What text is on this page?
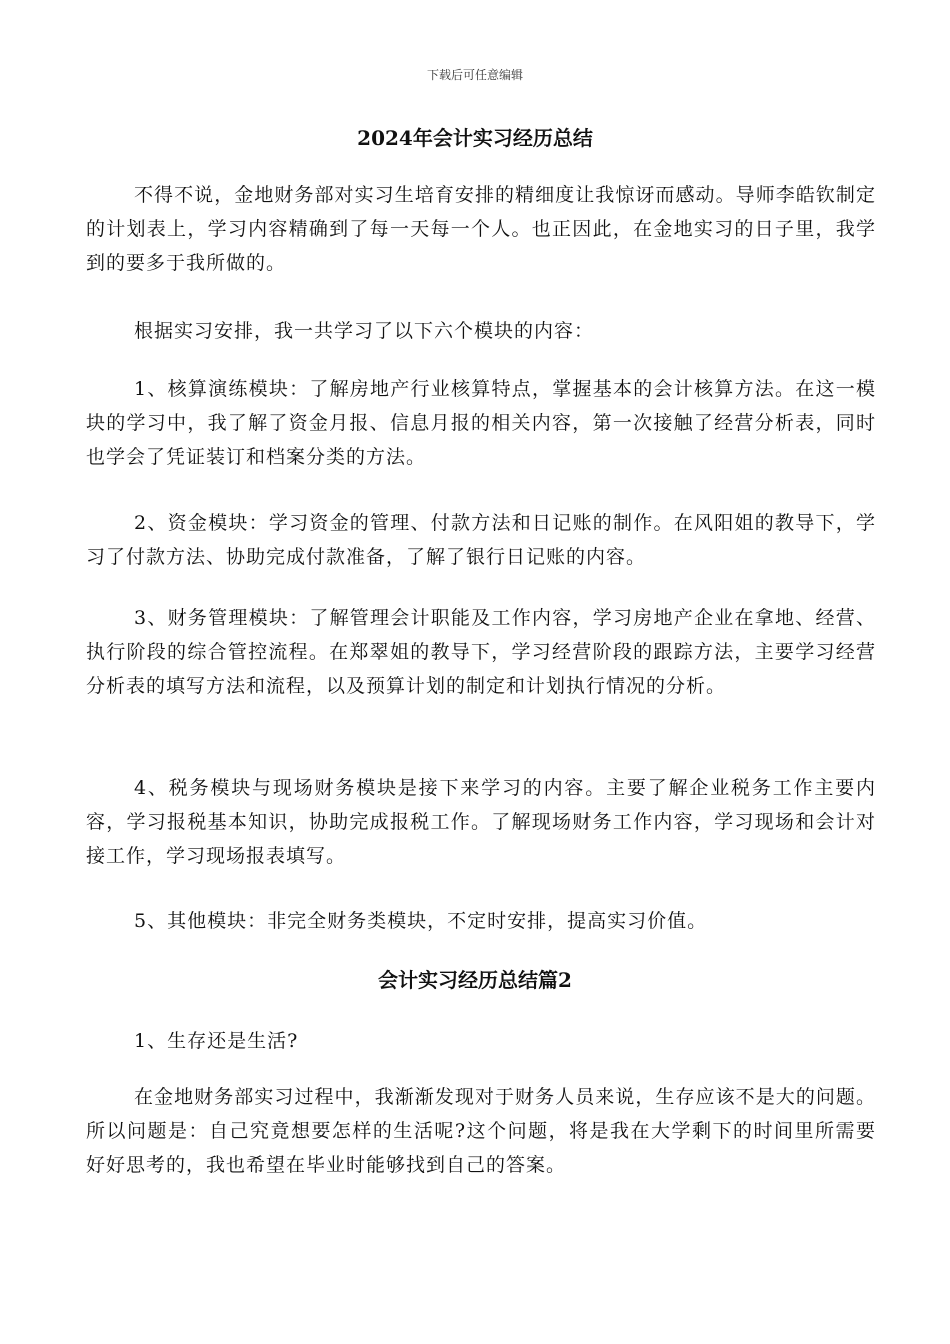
下载后可任意编辑
2024年会计实习经历总结

不得不说，金地财务部对实习生培育安排的精细度让我惊讶而感动。导师李皓钦制定的计划表上，学习内容精确到了每一天每一个人。也正因此，在金地实习的日子里，我学到的要多于我所做的。

根据实习安排，我一共学习了以下六个模块的内容：

1、核算演练模块：了解房地产行业核算特点，掌握基本的会计核算方法。在这一模块的学习中，我了解了资金月报、信息月报的相关内容，第一次接触了经营分析表，同时也学会了凭证装订和档案分类的方法。

2、资金模块：学习资金的管理、付款方法和日记账的制作。在风阳姐的教导下，学习了付款方法、协助完成付款准备，了解了银行日记账的内容。

3、财务管理模块：了解管理会计职能及工作内容，学习房地产企业在拿地、经营、执行阶段的综合管控流程。在郑翠姐的教导下，学习经营阶段的跟踪方法，主要学习经营分析表的填写方法和流程，以及预算计划的制定和计划执行情况的分析。

4、税务模块与现场财务模块是接下来学习的内容。主要了解企业税务工作主要内容，学习报税基本知识，协助完成报税工作。了解现场财务工作内容，学习现场和会计对接工作，学习现场报表填写。

5、其他模块：非完全财务类模块，不定时安排，提高实习价值。

会计实习经历总结篇2

1、生存还是生活?

在金地财务部实习过程中，我渐渐发现对于财务人员来说，生存应该不是大的问题。所以问题是：自己究竟想要怎样的生活呢?这个问题，将是我在大学剩下的时间里所需要好好思考的，我也希望在毕业时能够找到自己的答案。
